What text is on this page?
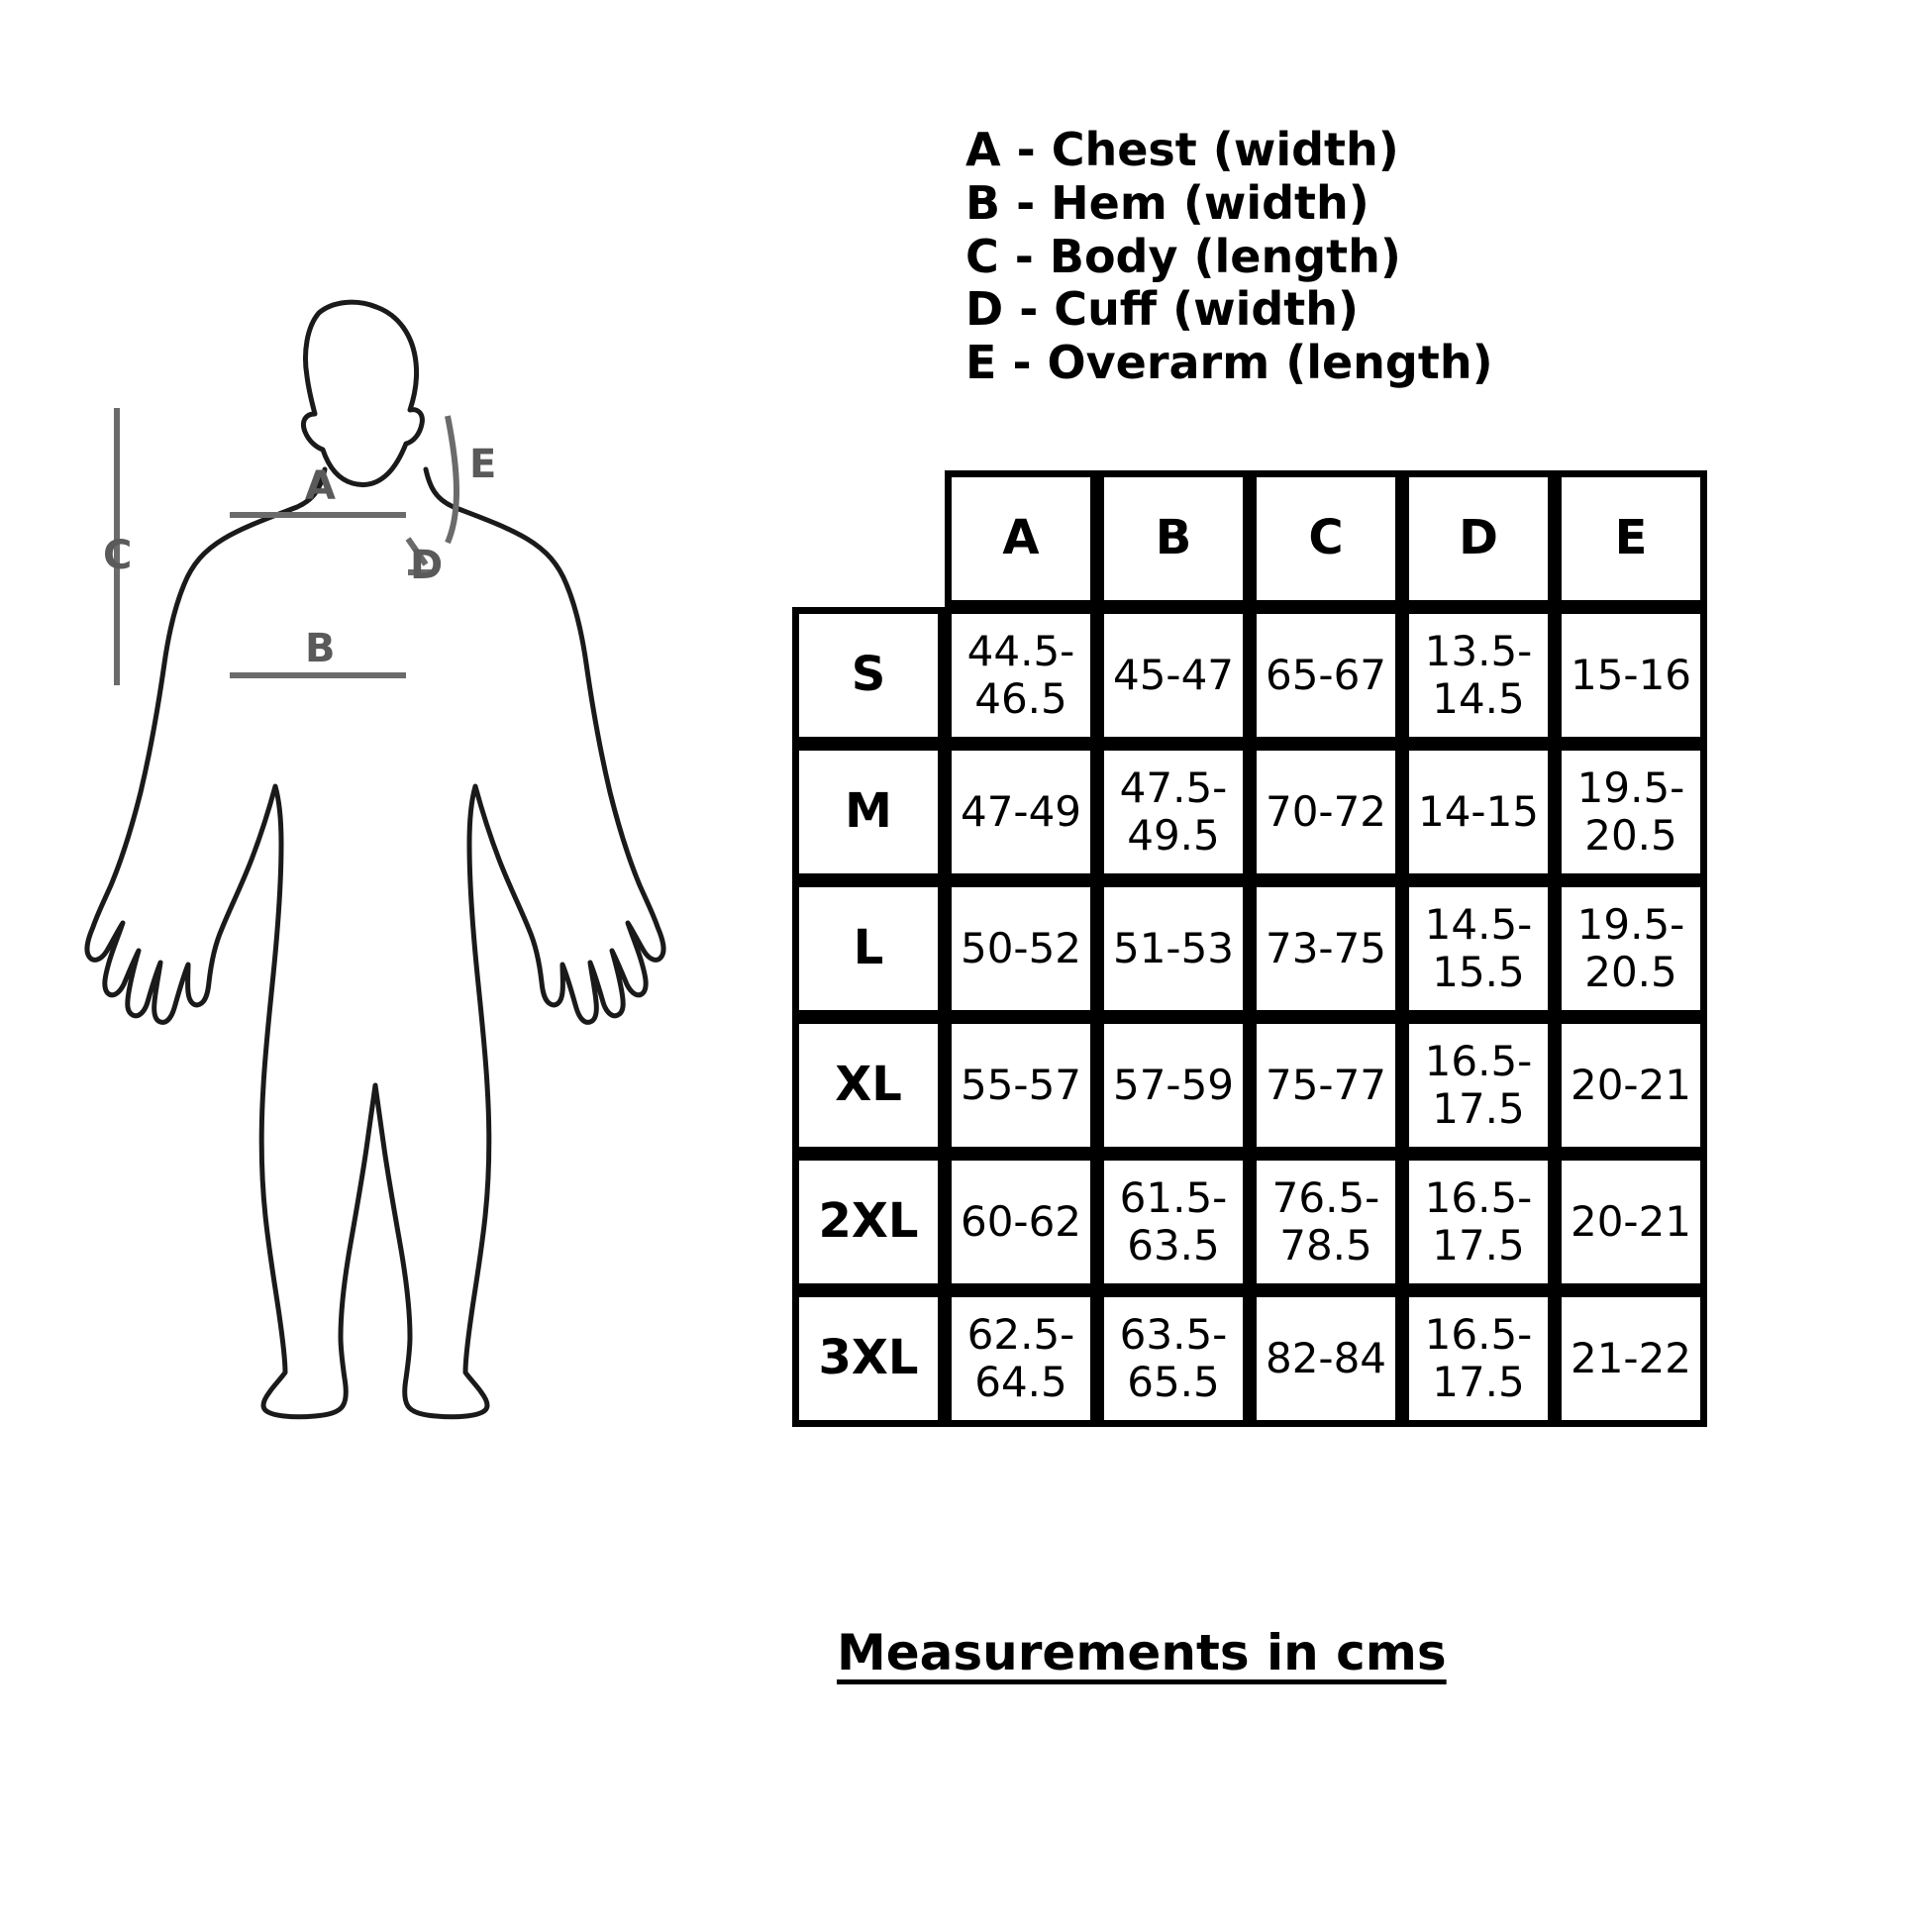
C
A
B
D
E
A - Chest (width)
B - Hem (width)
C - Body (length)
D - Cuff (width)
E - Overarm (length)
	A	B	C	D	E
S	44.5-46.5	45-47	65-67	13.5-14.5	15-16
M	47-49	47.5-49.5	70-72	14-15	19.5-20.5
L	50-52	51-53	73-75	14.5-15.5	19.5-20.5
XL	55-57	57-59	75-77	16.5-17.5	20-21
2XL	60-62	61.5-63.5	76.5-78.5	16.5-17.5	20-21
3XL	62.5-64.5	63.5-65.5	82-84	16.5-17.5	21-22
Measurements in cms
